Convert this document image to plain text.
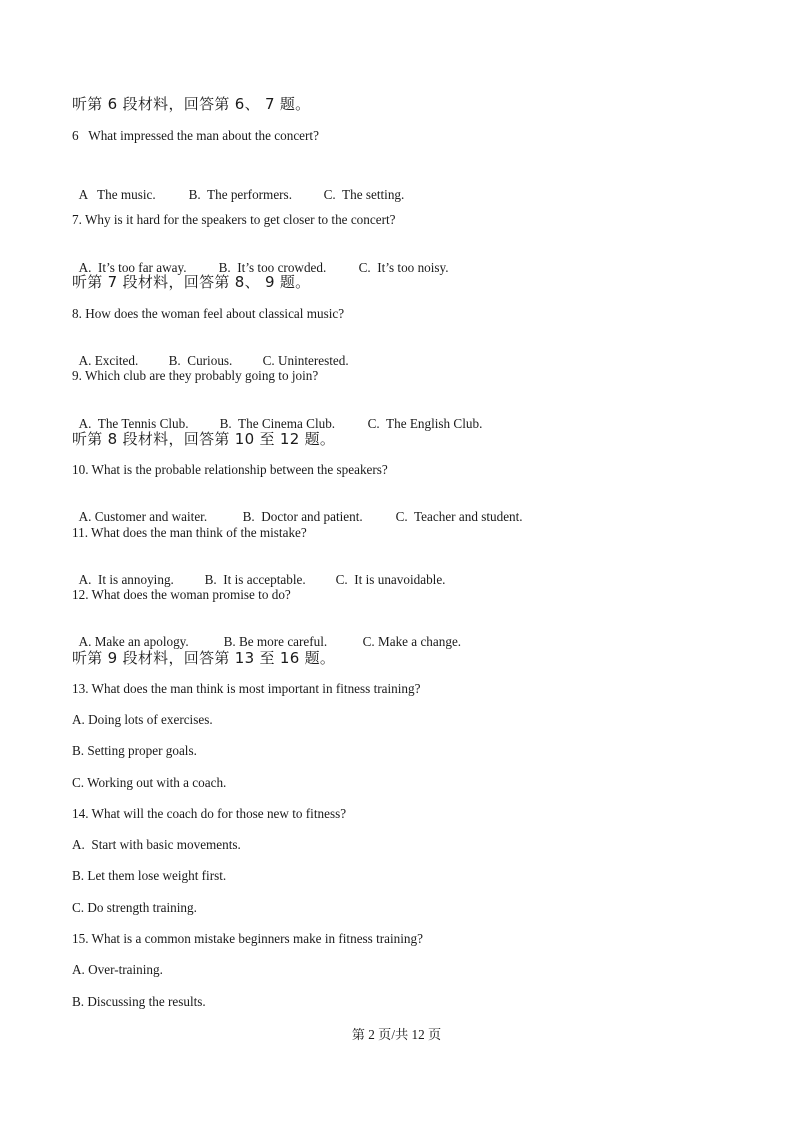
听第 6 段材料，回答第 6、 7 题。
6   What impressed the man about the concert?

A   The music. B.  The performers. C.  The setting.

7. Why is it hard for the speakers to get closer to the concert?

A.  It’s too far away. B.  It’s too crowded. C.  It’s too noisy.

听第 7 段材料，回答第 8、 9 题。
8. How does the woman feel about classical music?

A. Excited. B.  Curious. C. Uninterested.

9. Which club are they probably going to join?

A.  The Tennis Club. B.  The Cinema Club. C.  The English Club.

听第 8 段材料，回答第 10 至 12 题。
10. What is the probable relationship between the speakers?

A. Customer and waiter.	B.  Doctor and patient. C.  Teacher and student.

11. What does the man think of the mistake?

A.  It is annoying. B.  It is acceptable. C.  It is unavoidable.

12. What does the woman promise to do?

A. Make an apology.	B. Be more careful.	C. Make a change.

听第 9 段材料，回答第 13 至 16 题。
13. What does the man think is most important in fitness training?
A. Doing lots of exercises.
B. Setting proper goals.
C. Working out with a coach.
14. What will the coach do for those new to fitness?
A.  Start with basic movements.
B. Let them lose weight first.
C. Do strength training.
15. What is a common mistake beginners make in fitness training?
A. Over-training.
B. Discussing the results.
第 2 页/共 12 页
